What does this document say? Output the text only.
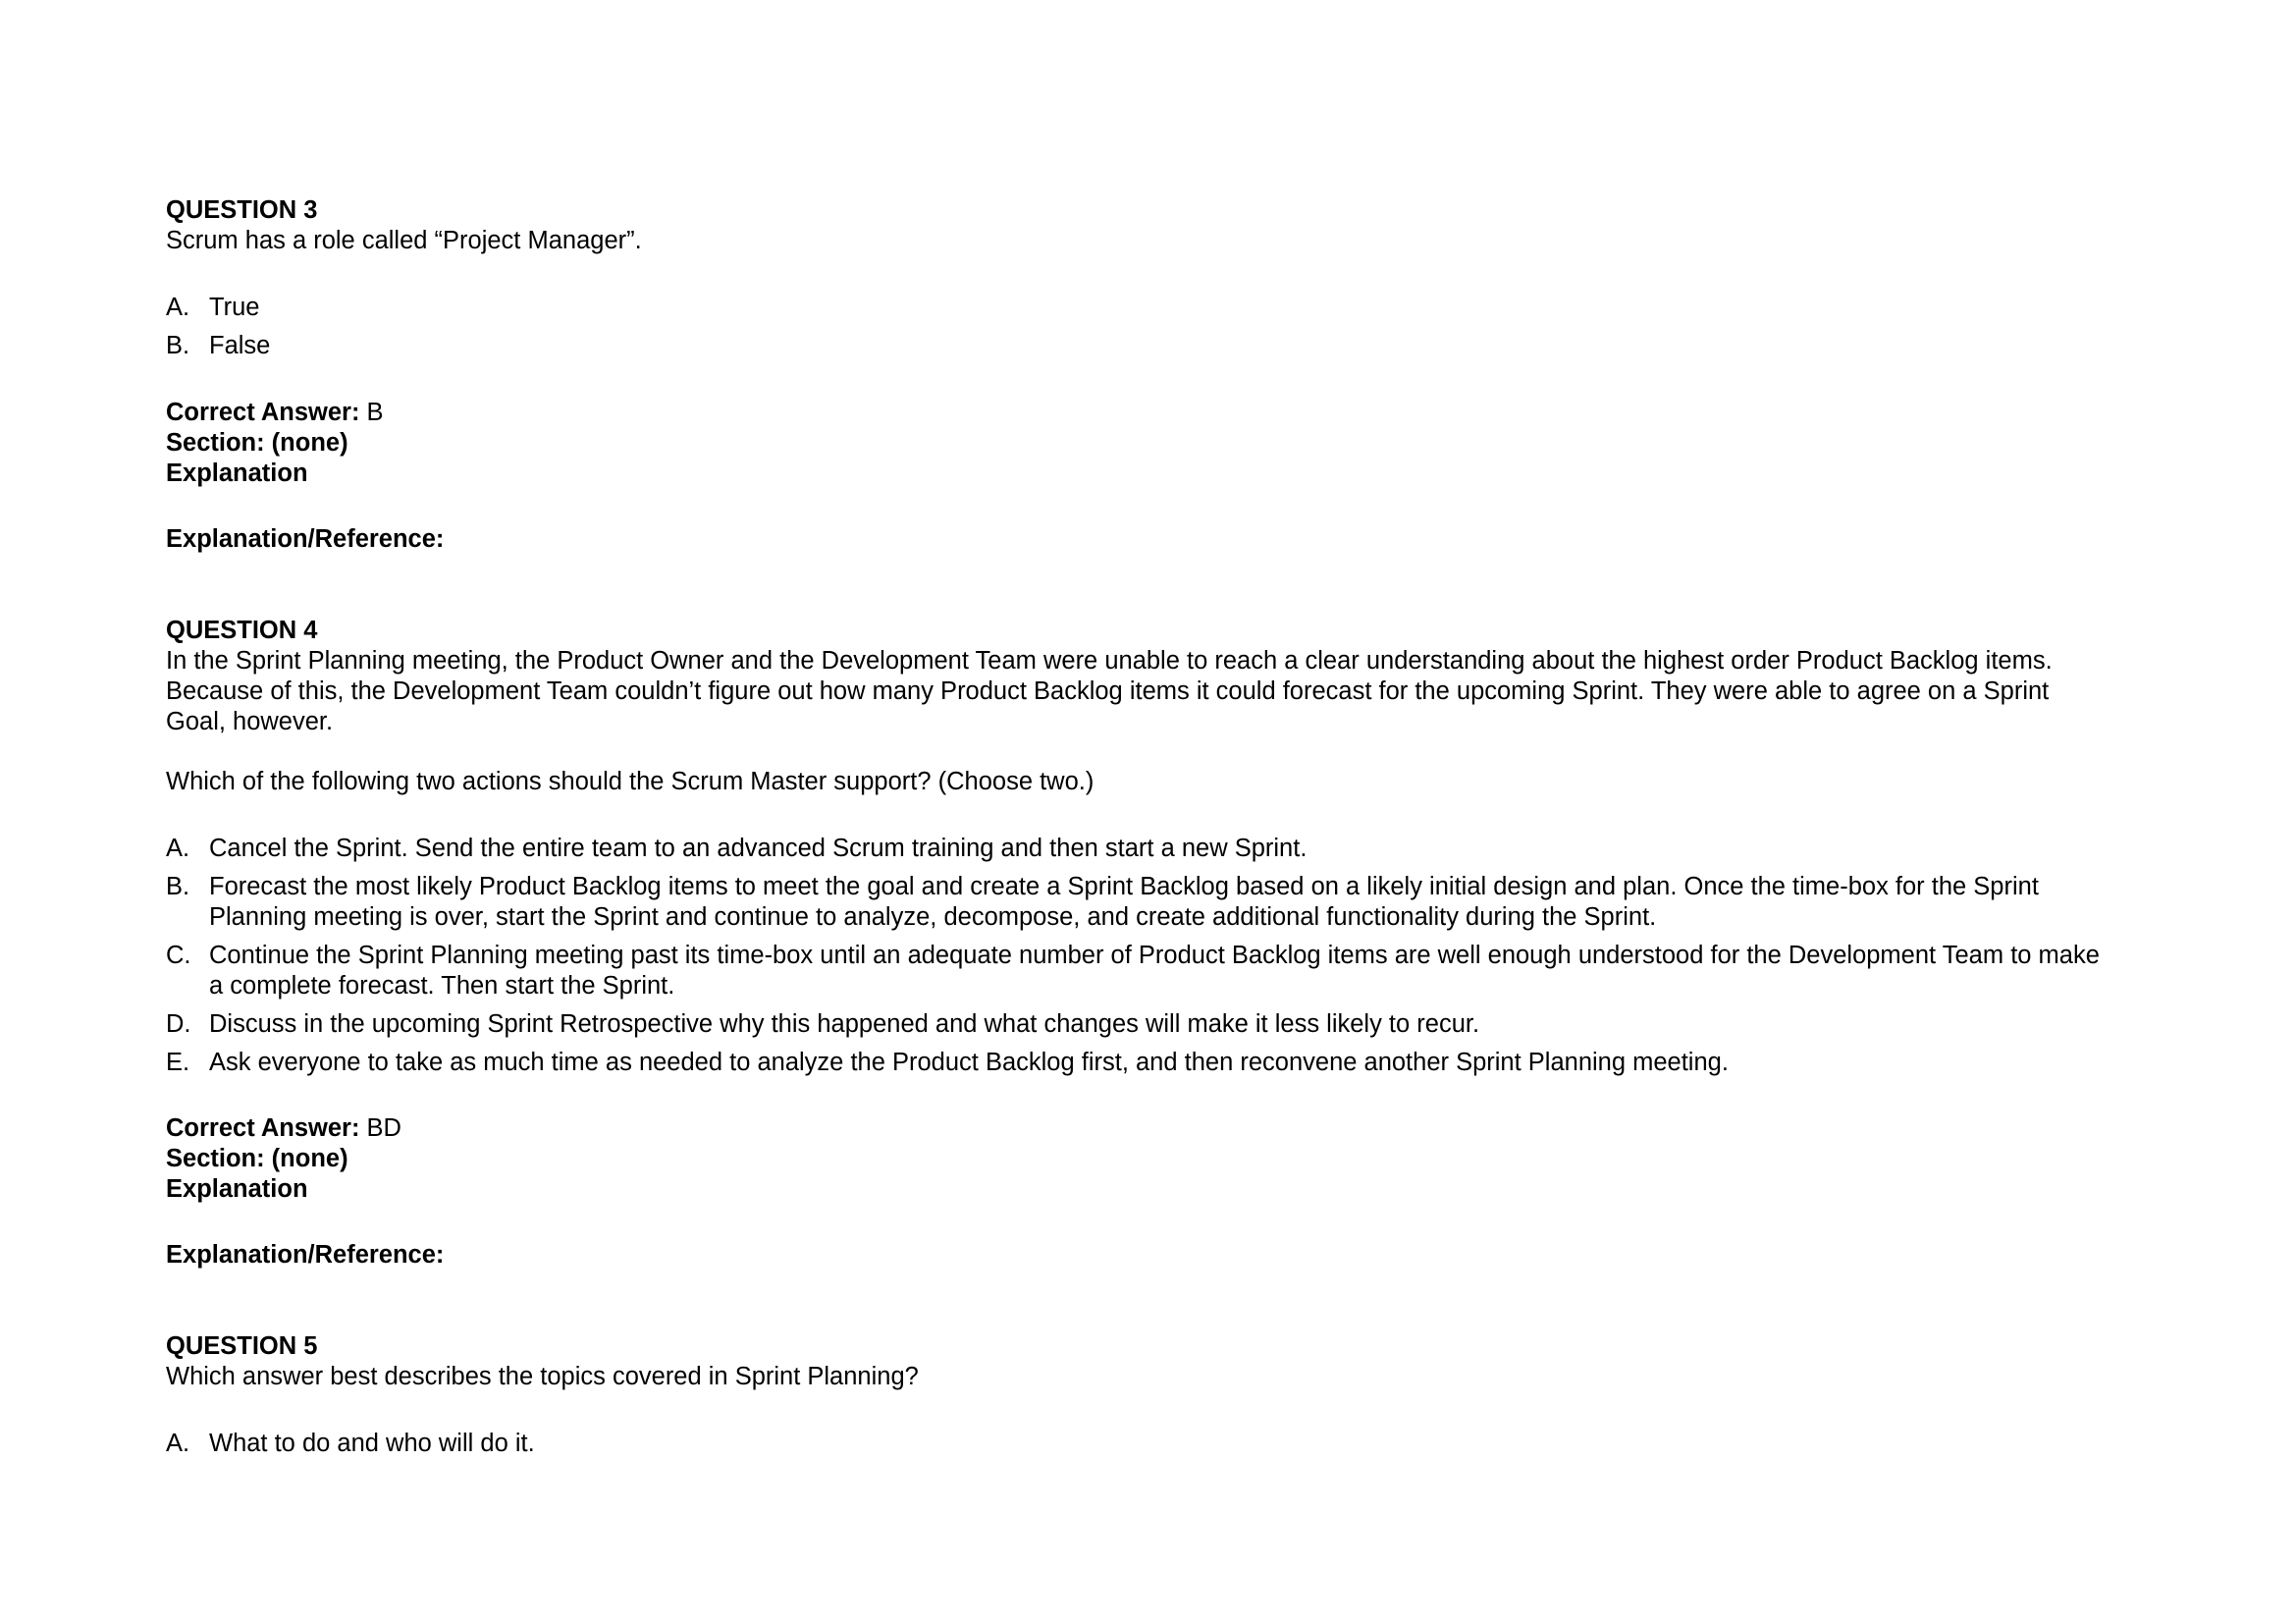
QUESTION 3

Scrum has a role called “Project Manager”.

A. True
B. False

Correct Answer: B

Section: (none)

Explanation

Explanation/Reference:

QUESTION 4

In the Sprint Planning meeting, the Product Owner and the Development Team were unable to reach a clear understanding about the highest order Product Backlog items. Because of this, the Development Team couldn’t figure out how many Product Backlog items it could forecast for the upcoming Sprint. They were able to agree on a Sprint Goal, however.

Which of the following two actions should the Scrum Master support? (Choose two.)

A. Cancel the Sprint. Send the entire team to an advanced Scrum training and then start a new Sprint.
B. Forecast the most likely Product Backlog items to meet the goal and create a Sprint Backlog based on a likely initial design and plan. Once the time-box for the Sprint Planning meeting is over, start the Sprint and continue to analyze, decompose, and create additional functionality during the Sprint.
C. Continue the Sprint Planning meeting past its time-box until an adequate number of Product Backlog items are well enough understood for the Development Team to make a complete forecast. Then start the Sprint.
D. Discuss in the upcoming Sprint Retrospective why this happened and what changes will make it less likely to recur.
E. Ask everyone to take as much time as needed to analyze the Product Backlog first, and then reconvene another Sprint Planning meeting.

Correct Answer: BD

Section: (none)

Explanation

Explanation/Reference:

QUESTION 5

Which answer best describes the topics covered in Sprint Planning?

A. What to do and who will do it.
